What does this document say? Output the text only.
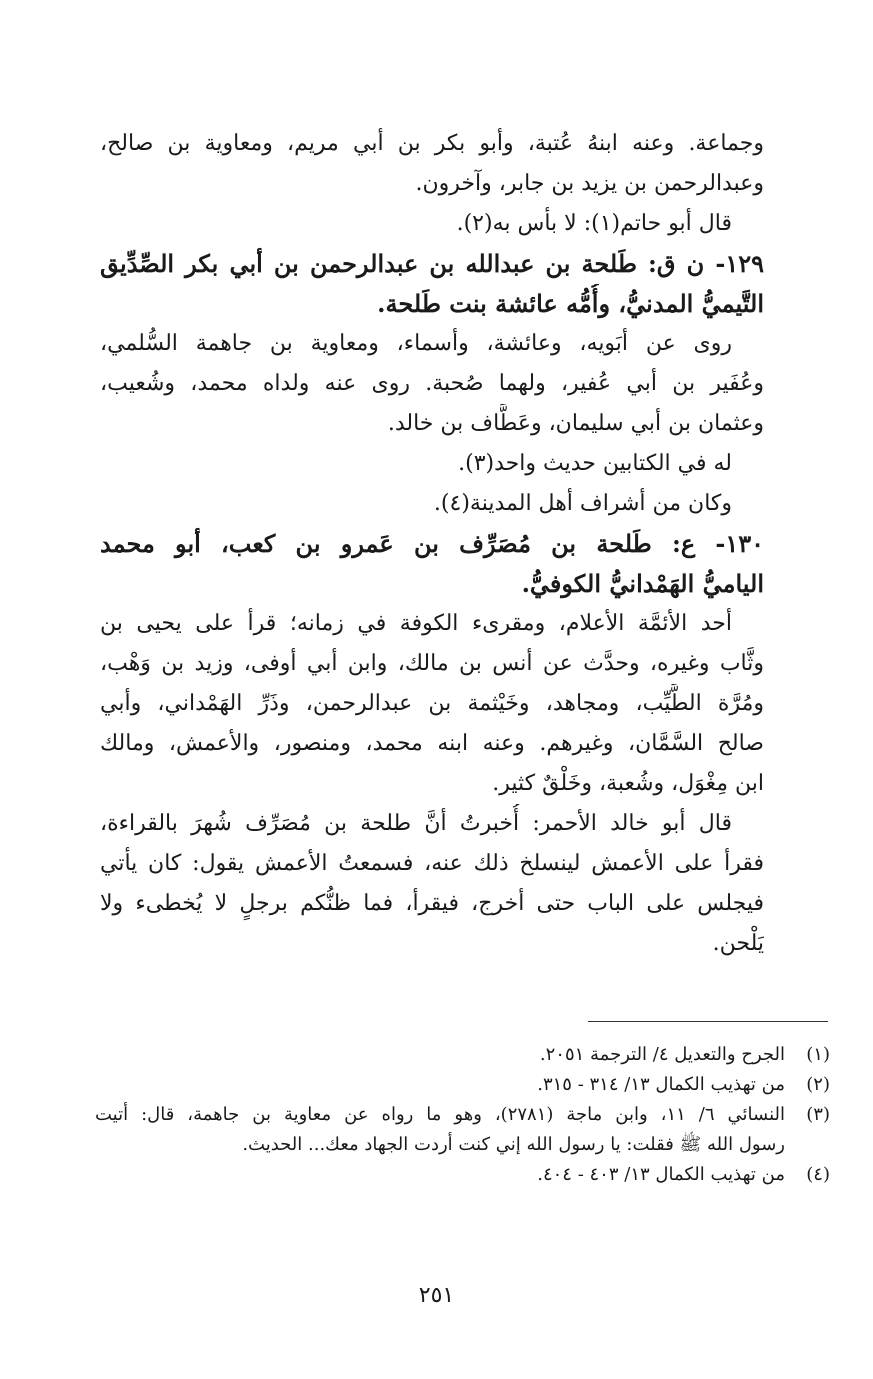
وجماعة. وعنه ابنهُ عُتبة، وأبو بكر بن أبي مريم، ومعاوية بن صالح،
وعبدالرحمن بن يزيد بن جابر، وآخرون.
قال أبو حاتم(١): لا بأس به(٢).
١٢٩- ن ق: طَلحة بن عبدالله بن عبدالرحمن بن أبي بكر الصِّدِّيق
التَّيميُّ المدنيُّ، وأُمُّه عائشة بنت طَلحة.
روى عن أبَويه، وعائشة، وأسماء، ومعاوية بن جاهمة السُّلمي،
وعُفَير بن أبي عُفير، ولهما صُحبة. روى عنه ولداه محمد، وشُعيب،
وعثمان بن أبي سليمان، وعَطَّاف بن خالد.
له في الكتابين حديث واحد(٣).
وكان من أشراف أهل المدينة(٤).
١٣٠- ع: طَلحة بن مُصَرِّف بن عَمرو بن كعب، أبو محمد
الياميُّ الهَمْدانيُّ الكوفيُّ.
أحد الأئمَّة الأعلام، ومقرىء الكوفة في زمانه؛ قرأ على يحيى بن
وثَّاب وغيره، وحدَّث عن أنس بن مالك، وابن أبي أوفى، وزيد بن وَهْب،
ومُرَّة الطَّيِّب، ومجاهد، وخَيْثمة بن عبدالرحمن، وذَرِّ الهَمْداني، وأبي
صالح السَّمَّان، وغيرهم. وعنه ابنه محمد، ومنصور، والأعمش، ومالك
ابن مِغْوَل، وشُعبة، وخَلْقٌ كثير.
قال أبو خالد الأحمر: أُخبرتُ أنَّ طلحة بن مُصَرِّف شُهرَ بالقراءة،
فقرأ على الأعمش لينسلخ ذلك عنه، فسمعتُ الأعمش يقول: كان يأتي
فيجلس على الباب حتى أخرج، فيقرأ، فما ظنُّكم برجلٍ لا يُخطىء ولا
يَلْحن.
(١)
الجرح والتعديل ٤/ الترجمة ٢٠٥١.
(٢)
من تهذيب الكمال ١٣/ ٣١٤ - ٣١٥.
(٣)
النسائي ٦/ ١١، وابن ماجة (٢٧٨١)، وهو ما رواه عن معاوية بن جاهمة، قال: أتيت
رسول الله ﷺ فقلت: يا رسول الله إني كنت أردت الجهاد معك... الحديث.
(٤)
من تهذيب الكمال ١٣/ ٤٠٣ - ٤٠٤.
٢٥١
